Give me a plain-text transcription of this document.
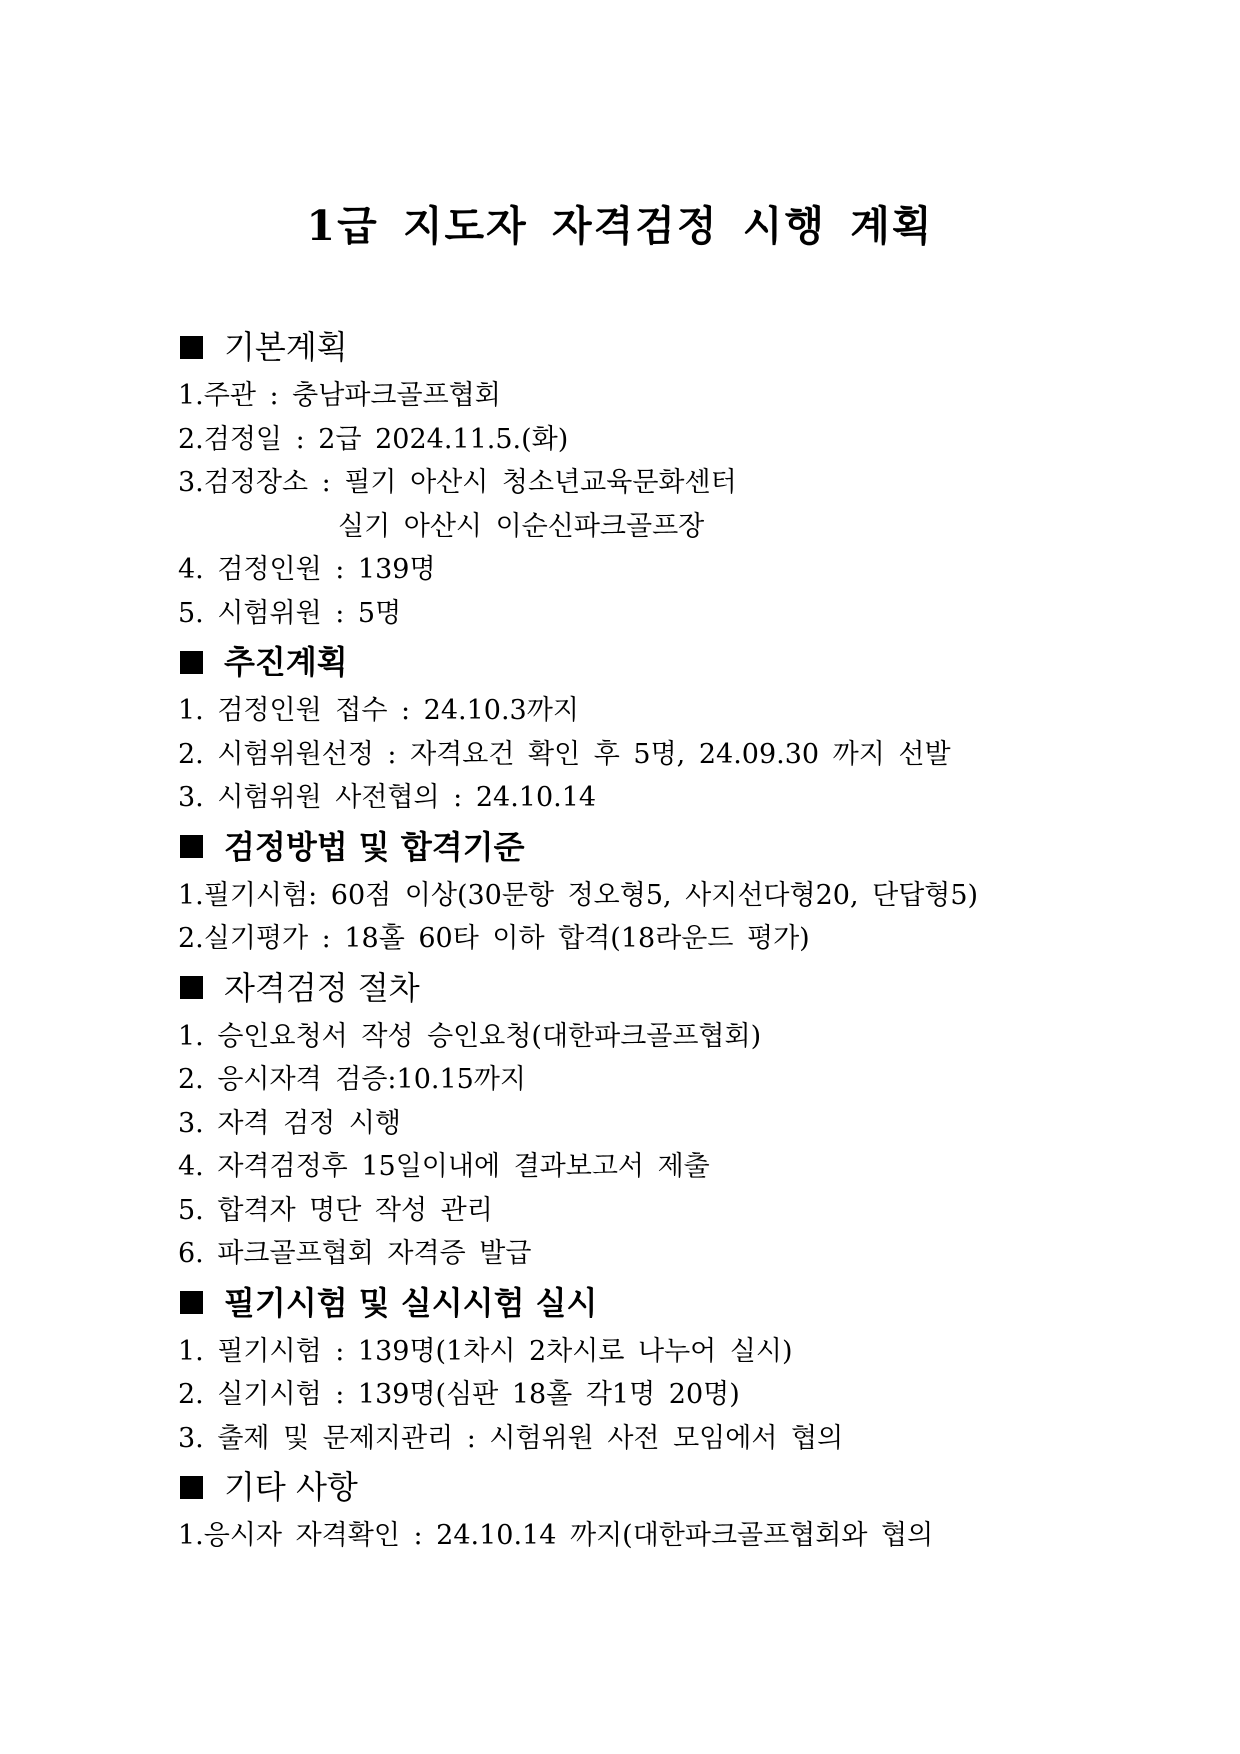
1급 지도자 자격검정 시행 계획
기본계획
1.주관 : 충남파크골프협회
2.검정일 : 2급 2024.11.5.(화)
3.검정장소 : 필기 아산시 청소년교육문화센터
실기 아산시 이순신파크골프장
4. 검정인원 : 139명
5. 시험위원 : 5명
추진계획
1. 검정인원 접수 : 24.10.3까지
2. 시험위원선정 : 자격요건 확인 후 5명, 24.09.30 까지 선발
3. 시험위원 사전협의 : 24.10.14
검정방법 및 합격기준
1.필기시험: 60점 이상(30문항 정오형5, 사지선다형20, 단답형5)
2.실기평가 : 18홀 60타 이하 합격(18라운드 평가)
자격검정 절차
1. 승인요청서 작성 승인요청(대한파크골프협회)
2. 응시자격 검증:10.15까지
3. 자격 검정 시행
4. 자격검정후 15일이내에 결과보고서 제출
5. 합격자 명단 작성 관리
6. 파크골프협회 자격증 발급
필기시험 및 실시시험 실시
1. 필기시험 : 139명(1차시 2차시로 나누어 실시)
2. 실기시험 : 139명(심판 18홀 각1명 20명)
3. 출제 및 문제지관리 : 시험위원 사전 모임에서 협의
기타 사항
1.응시자 자격확인 : 24.10.14 까지(대한파크골프협회와 협의
